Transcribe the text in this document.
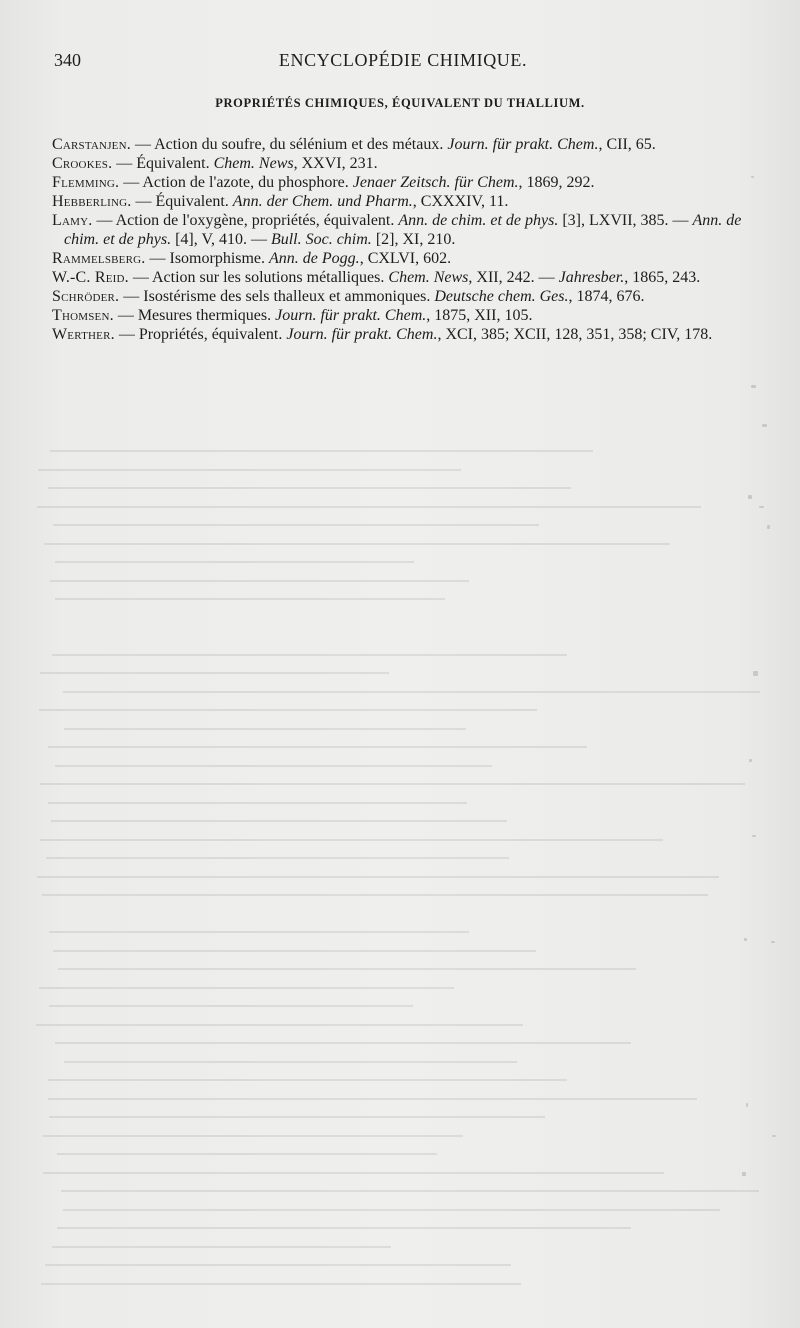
340	ENCYCLOPÉDIE CHIMIQUE.
PROPRIÉTÉS CHIMIQUES, ÉQUIVALENT DU THALLIUM.

Carstanjen. — Action du soufre, du sélénium et des métaux. Journ. für prakt. Chem., CII, 65.

Crookes. — Équivalent. Chem. News, XXVI, 231.

Flemming. — Action de l'azote, du phosphore. Jenaer Zeitsch. für Chem., 1869, 292.

Hebberling. — Équivalent. Ann. der Chem. und Pharm., CXXXIV, 11.

Lamy. — Action de l'oxygène, propriétés, équivalent. Ann. de chim. et de phys. [3], LXVII, 385. — Ann. de chim. et de phys. [4], V, 410. — Bull. Soc. chim. [2], XI, 210.

Rammelsberg. — Isomorphisme. Ann. de Pogg., CXLVI, 602.

W.-C. Reid. — Action sur les solutions métalliques. Chem. News, XII, 242. — Jahresber., 1865, 243.

Schröder. — Isostérisme des sels thalleux et ammoniques. Deutsche chem. Ges., 1874, 676.

Thomsen. — Mesures thermiques. Journ. für prakt. Chem., 1875, XII, 105.

Werther. — Propriétés, équivalent. Journ. für prakt. Chem., XCI, 385; XCII, 128, 351, 358; CIV, 178.
